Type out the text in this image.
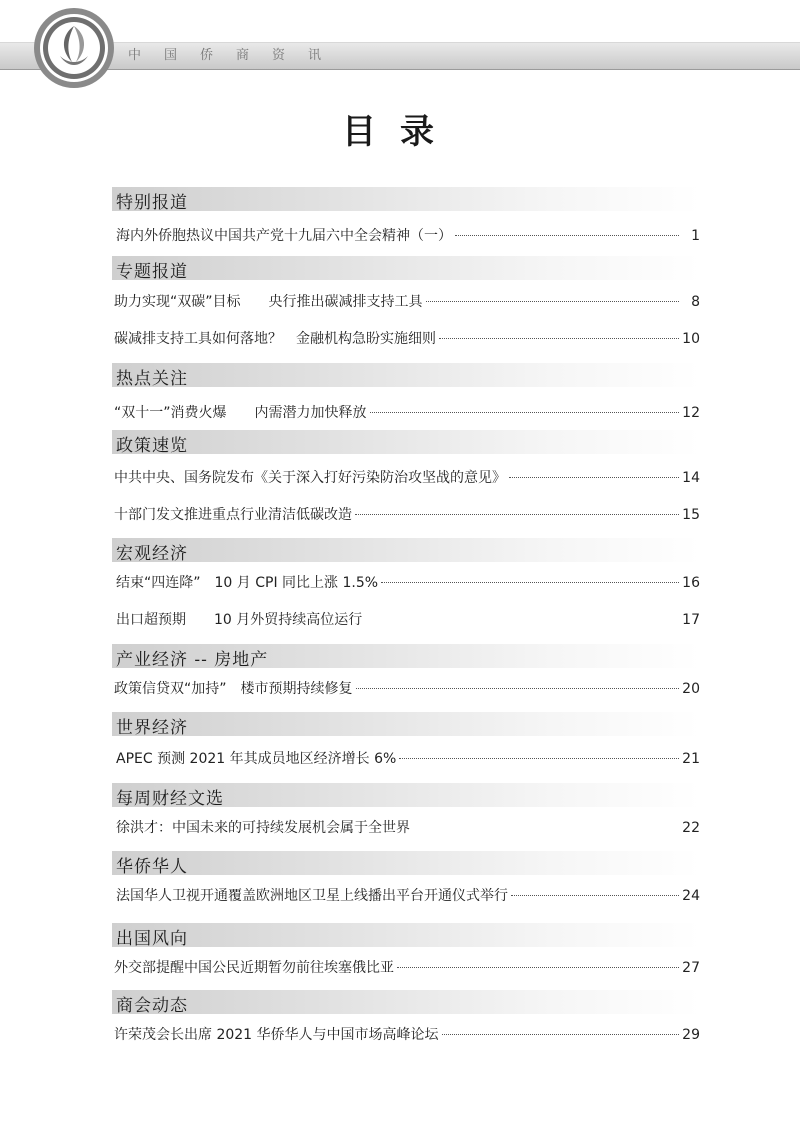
中国侨商资讯
目录
特别报道
海内外侨胞热议中国共产党十九届六中全会精神（一）	1
专题报道
助力实现“双碳”目标　　央行推出碳减排支持工具	8
碳减排支持工具如何落地？　金融机构急盼实施细则	10
热点关注
“双十一”消费火爆　　内需潜力加快释放	12
政策速览
中共中央、国务院发布《关于深入打好污染防治攻坚战的意见》	14
十部门发文推进重点行业清洁低碳改造	15
宏观经济
结束“四连降”　10 月 CPI 同比上涨 1.5%	16
出口超预期　　10 月外贸持续高位运行	17
产业经济 -- 房地产
政策信贷双“加持”　楼市预期持续修复	20
世界经济
APEC 预测 2021 年其成员地区经济增长 6%	21
每周财经文选
徐洪才：中国未来的可持续发展机会属于全世界	22
华侨华人
法国华人卫视开通覆盖欧洲地区卫星上线播出平台开通仪式举行	24
出国风向
外交部提醒中国公民近期暂勿前往埃塞俄比亚	27
商会动态
许荣茂会长出席 2021 华侨华人与中国市场高峰论坛	29
